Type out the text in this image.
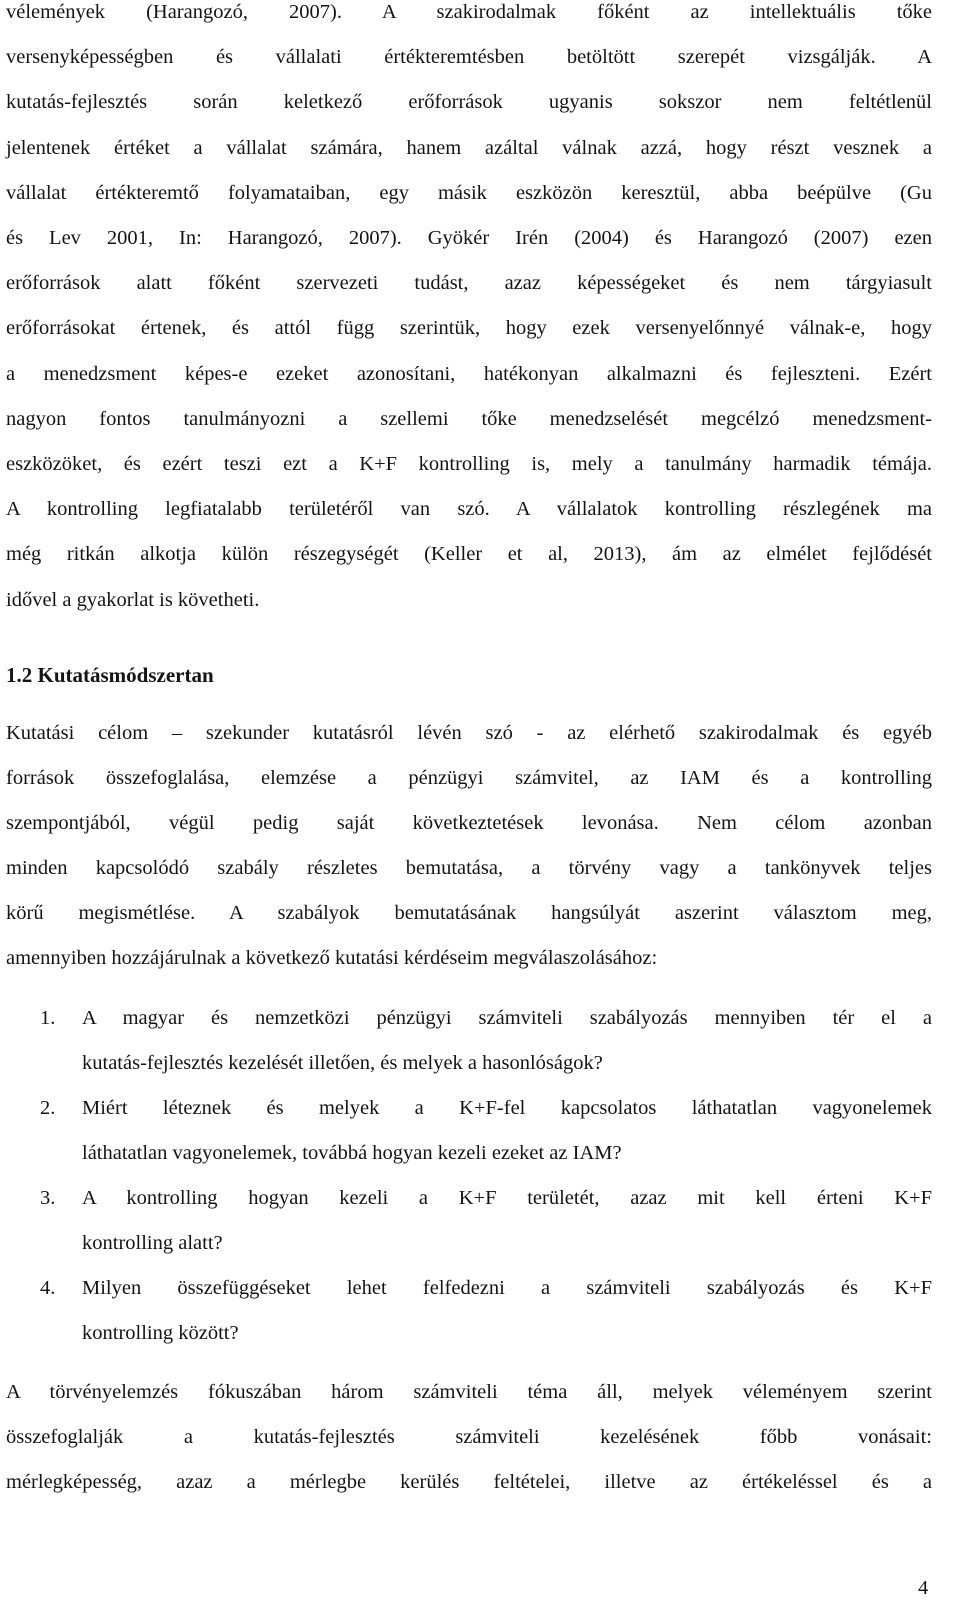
vélemények (Harangozó, 2007). A szakirodalmak főként az intellektuális tőke
versenyképességben és vállalati értékteremtésben betöltött szerepét vizsgálják. A
kutatás-fejlesztés során keletkező erőforrások ugyanis sokszor nem feltétlenül
jelentenek értéket a vállalat számára, hanem azáltal válnak azzá, hogy részt vesznek a
vállalat értékteremtő folyamataiban, egy másik eszközön keresztül, abba beépülve (Gu
és Lev 2001, In: Harangozó, 2007). Gyökér Irén (2004) és Harangozó (2007) ezen
erőforrások alatt főként szervezeti tudást, azaz képességeket és nem tárgyiasult
erőforrásokat értenek, és attól függ szerintük, hogy ezek versenyelőnnyé válnak-e, hogy
a menedzsment képes-e ezeket azonosítani, hatékonyan alkalmazni és fejleszteni. Ezért
nagyon fontos tanulmányozni a szellemi tőke menedzselését megcélzó menedzsment-
eszközöket, és ezért teszi ezt a K+F kontrolling is, mely a tanulmány harmadik témája.
A kontrolling legfiatalabb területéről van szó. A vállalatok kontrolling részlegének ma
még ritkán alkotja külön részegységét (Keller et al, 2013), ám az elmélet fejlődését
idővel a gyakorlat is követheti.
1.2 Kutatásmódszertan
Kutatási célom – szekunder kutatásról lévén szó - az elérhető szakirodalmak és egyéb
források összefoglalása, elemzése a pénzügyi számvitel, az IAM és a kontrolling
szempontjából, végül pedig saját következtetések levonása. Nem célom azonban
minden kapcsolódó szabály részletes bemutatása, a törvény vagy a tankönyvek teljes
körű megismétlése. A szabályok bemutatásának hangsúlyát aszerint választom meg,
amennyiben hozzájárulnak a következő kutatási kérdéseim megválaszolásához:
1.	A magyar és nemzetközi pénzügyi számviteli szabályozás mennyiben tér el a
kutatás-fejlesztés kezelését illetően, és melyek a hasonlóságok?
2.	Miért léteznek és melyek a K+F-fel kapcsolatos láthatatlan vagyonelemek
láthatatlan vagyonelemek, továbbá hogyan kezeli ezeket az IAM?
3.	A kontrolling hogyan kezeli a K+F területét, azaz mit kell érteni K+F
kontrolling alatt?
4.	Milyen összefüggéseket lehet felfedezni a számviteli szabályozás és K+F
kontrolling között?
A törvényelemzés fókuszában három számviteli téma áll, melyek véleményem szerint
összefoglalják a kutatás-fejlesztés számviteli kezelésének főbb vonásait:
mérlegképesség, azaz a mérlegbe kerülés feltételei, illetve az értékeléssel és a
4
